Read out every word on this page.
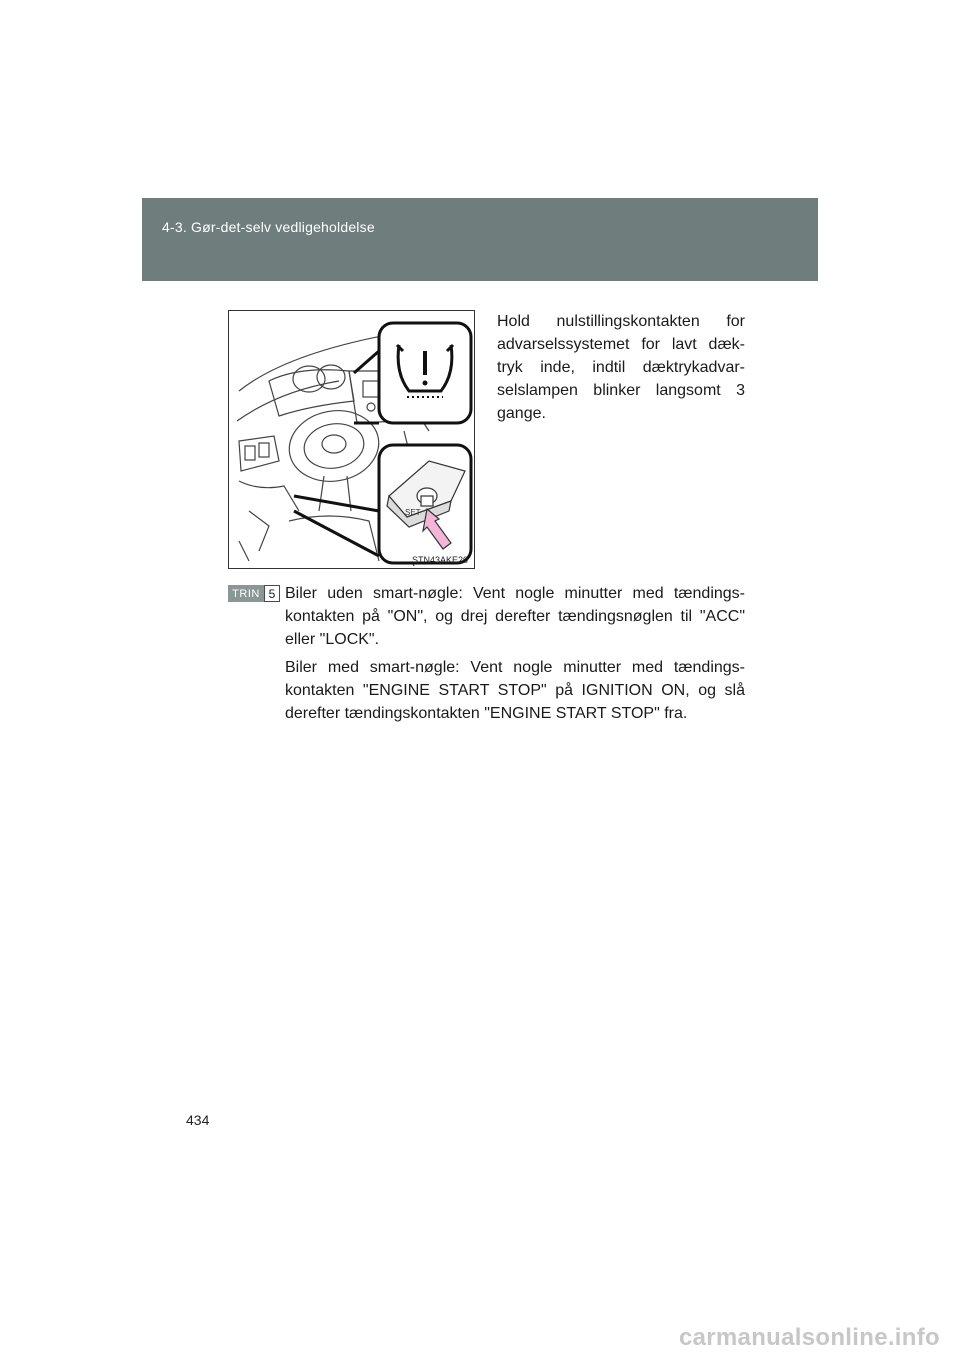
4-3. Gør-det-selv vedligeholdelse
SET
STN43AKE20
Hold nulstillingskontakten for advarselssystemet for lavt dæk-tryk inde, indtil dæktrykadvar-selslampen blinker langsomt 3 gange.
TRIN 5 Biler uden smart-nøgle: Vent nogle minutter med tændings-kontakten på "ON", og drej derefter tændingsnøglen til "ACC" eller "LOCK".
Biler med smart-nøgle: Vent nogle minutter med tændings-kontakten "ENGINE START STOP" på IGNITION ON, og slå derefter tændingskontakten "ENGINE START STOP" fra.
434
carmanualsonline.info
